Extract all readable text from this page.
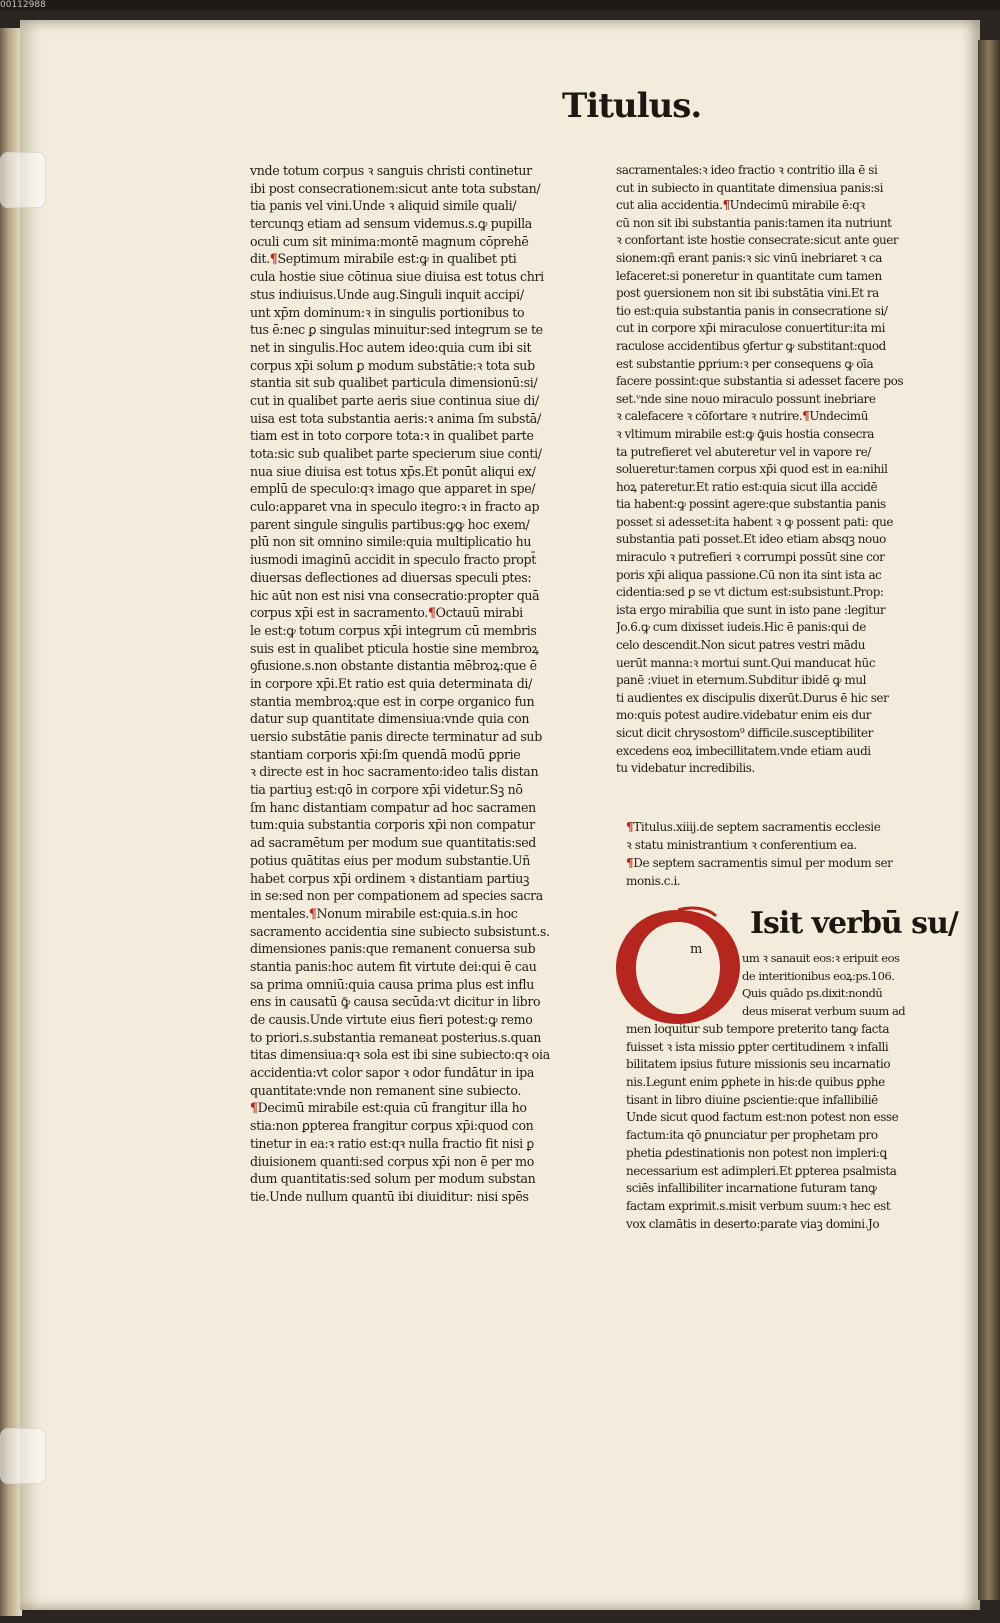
00112988
Titulus.
vnde totum corpus ꝛ sanguis christi continetur
ibi post consecrationem:sicut ante tota substan/
tia panis vel vini.Unde ꝛ aliquid simile quali/
tercunqꝫ etiam ad sensum videmus.s.ꝙ pupilla
oculi cum sit minima:montē magnum cōprehē
dit.¶Septimum mirabile est:ꝙ in qualibet pti
cula hostie siue cōtinua siue diuisa est totus chri
stus indiuisus.Unde aug.Singuli inquit accipi/
unt xp̄m dominum:ꝛ in singulis portionibus to
tus ē:nec ꝑ singulas minuitur:sed integrum se te
net in singulis.Hoc autem ideo:quia cum ibi sit
corpus xp̄i solum ꝑ modum substātie:ꝛ tota sub
stantia sit sub qualibet particula dimensionū:si/
cut in qualibet parte aeris siue continua siue di/
uisa est tota substantia aeris:ꝛ anima ſm substā/
tiam est in toto corpore tota:ꝛ in qualibet parte
tota:sic sub qualibet parte specierum siue conti/
nua siue diuisa est totus xp̄s.Et ponūt aliqui ex/
emplū de speculo:qꝛ imago que apparet in spe/
culo:apparet vna in speculo itegro:ꝛ in fracto ap
parent singule singulis partibus:ꝙꝙ hoc exem/
plū non sit omnino simile:quia multiplicatio hu
iusmodi imaginū accidit in speculo fracto propt̄
diuersas deflectiones ad diuersas speculi ptes:
hic aūt non est nisi vna consecratio:propter quā
corpus xp̄i est in sacramento.¶Octauū mirabi
le est:ꝙ totum corpus xp̄i integrum cū membris
suis est in qualibet pticula hostie sine membroꝝ
ꝯfusione.s.non obstante distantia mēbroꝝ:que ē
in corpore xp̄i.Et ratio est quia determinata di/
stantia membroꝝ:que est in corpe organico fun
datur sup quantitate dimensiua:vnde quia con
uersio substātie panis directe terminatur ad sub
stantiam corporis xp̄i:ſm quendā modū ꝑprie
ꝛ directe est in hoc sacramento:ideo talis distan
tia partiuꝫ est:qō in corpore xp̄i videtur.Sꝫ nō
ſm hanc distantiam compatur ad hoc sacramen
tum:quia substantia corporis xp̄i non compatur
ad sacramētum per modum sue quantitatis:sed
potius quātitas eius per modum substantie.Uñ
habet corpus xp̄i ordinem ꝛ distantiam partiuꝫ
in se:sed non per compationem ad species sacra
mentales.¶Nonum mirabile est:quia.s.in hoc
sacramento accidentia sine subiecto subsistunt.s.
dimensiones panis:que remanent conuersa sub
stantia panis:hoc autem fit virtute dei:qui ē cau
sa prima omniū:quia causa prima plus est influ
ens in causatū ꝙ̄ causa secūda:vt dicitur in libro
de causis.Unde virtute eius fieri potest:ꝙ remo
to priori.s.substantia remaneat posterius.s.quan
titas dimensiua:qꝛ sola est ibi sine subiecto:qꝛ oia
accidentia:vt color sapor ꝛ odor fundātur in ipa
quantitate:vnde non remanent sine subiecto.
¶Decimū mirabile est:quia cū frangitur illa ho
stia:non ꝑpterea frangitur corpus xp̄i:quod con
tinetur in ea:ꝛ ratio est:qꝛ nulla fractio fit nisi ꝑ
diuisionem quanti:sed corpus xp̄i non ē per mo
dum quantitatis:sed solum per modum substan
tie.Unde nullum quantū ibi diuiditur: nisi spēs
sacramentales:ꝛ ideo fractio ꝛ contritio illa ē si
cut in subiecto in quantitate dimensiua panis:si
cut alia accidentia.¶Undecimū mirabile ē:qꝛ
cū non sit ibi substantia panis:tamen ita nutriunt
ꝛ confortant iste hostie consecrate:sicut ante ꝯuer
sionem:qñ erant panis:ꝛ sic vinū inebriaret ꝛ ca
lefaceret:si poneretur in quantitate cum tamen
post ꝯuersionem non sit ibi substātia vini.Et ra
tio est:quia substantia panis in consecratione si/
cut in corpore xp̄i miraculose conuertitur:ita mi
raculose accidentibus ꝯfertur ꝙ substitant:quod
est substantie ꝑprium:ꝛ per consequens ꝙ oīa
facere possint:que substantia si adesset facere pos
set.ᵛnde sine nouo miraculo possunt inebriare
ꝛ calefacere ꝛ cōfortare ꝛ nutrire.¶Undecimū
ꝛ vltimum mirabile est:ꝙ ꝙ̄uis hostia consecra
ta putrefieret vel abuteretur vel in vapore re/
solueretur:tamen corpus xp̄i quod est in ea:nihil
hoꝝ pateretur.Et ratio est:quia sicut illa accidē
tia habent:ꝙ possint agere:que substantia panis
posset si adesset:ita habent ꝛ ꝙ possent pati: que
substantia pati posset.Et ideo etiam absqꝫ nouo
miraculo ꝛ putrefieri ꝛ corrumpi possūt sine cor
poris xp̄i aliqua passione.Cū non ita sint ista ac
cidentia:sed ꝑ se vt dictum est:subsistunt.Prop:
ista ergo mirabilia que sunt in isto pane :legitur
Jo.6.ꝙ cum dixisset iudeis.Hic ē panis:qui de
celo descendit.Non sicut patres vestri mādu
uerūt manna:ꝛ mortui sunt.Qui manducat hūc
panē :viuet in eternum.Subditur ibidē ꝙ mul
ti audientes ex discipulis dixerūt.Durus ē hic ser
mo:quis potest audire.videbatur enim eis dur
sicut dicit chrysostom⁹ difficile.susceptibiliter
excedens eoꝝ imbecillitatem.vnde etiam audi
tu videbatur incredibilis.
¶Titulus.xiiij.de septem sacramentis ecclesie
ꝛ statu ministrantium ꝛ conferentium ea.
¶De septem sacramentis simul per modum ser
monis.c.i.
m
Isit verbū su/
um ꝛ sanauit eos:ꝛ eripuit eos
de interitionibus eoꝝ:ps.106.
Quis quādo ps.dixit:nondū
deus miserat verbum suum ad
men loquitur sub tempore preterito tanꝙ facta
fuisset ꝛ ista missio ꝑpter certitudinem ꝛ infalli
bilitatem ipsius future missionis seu incarnatio
nis.Legunt enim ꝑphete in his:de quibus ꝑphe
tisant in libro diuine ꝑscientie:que infallibiliē
Unde sicut quod factum est:non potest non esse
factum:ita qō ꝑnunciatur per prophetam pro
phetia ꝑdestinationis non potest non impleri:ꝗ
necessarium est adimpleri.Et ꝑpterea psalmista
sciēs infallibiliter incarnatione futuram tanꝙ
factam exprimit.s.misit verbum suum:ꝛ hec est
vox clamātis in deserto:parate viaꝫ domini.Jo
